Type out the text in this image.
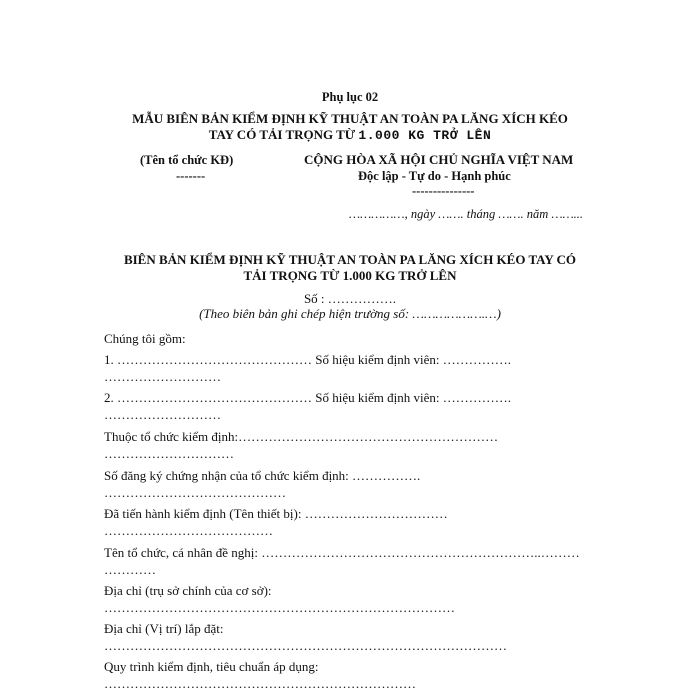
Phụ lục 02
MẪU BIÊN BẢN KIỂM ĐỊNH KỸ THUẬT AN TOÀN PA LĂNG XÍCH KÉO
TAY CÓ TẢI TRỌNG TỪ 1.000 KG TRỞ LÊN
(Tên tổ chức KĐ)
-------
CỘNG HÒA XÃ HỘI CHỦ NGHĨA VIỆT NAM
Độc lập - Tự do - Hạnh phúc
---------------
……………, ngày ……. tháng ……. năm ……...
BIÊN BẢN KIỂM ĐỊNH KỸ THUẬT AN TOÀN PA LĂNG XÍCH KÉO TAY CÓ
TẢI TRỌNG TỪ 1.000 KG TRỞ LÊN
Số : …………….
(Theo biên bản ghi chép hiện trường số: ……………….…)
Chúng tôi gồm:
1. ……………………………………… Số hiệu kiểm định viên: …………….
………………………
2. ……………………………………… Số hiệu kiểm định viên: …………….
………………………
Thuộc tổ chức kiểm định:……………………………………………………
…………………………
Số đăng ký chứng nhận của tổ chức kiểm định: …………….
……………………………………
Đã tiến hành kiểm định (Tên thiết bị): ……………………………
…………………………………
Tên tổ chức, cá nhân đề nghị: ………………………………………………………..………
…………
Địa chỉ (trụ sở chính của cơ sở):
………………………………………………………………………
Địa chỉ (Vị trí) lắp đặt:
…………………………………………………………………………………
Quy trình kiểm định, tiêu chuẩn áp dụng:
………………………………………………………………
